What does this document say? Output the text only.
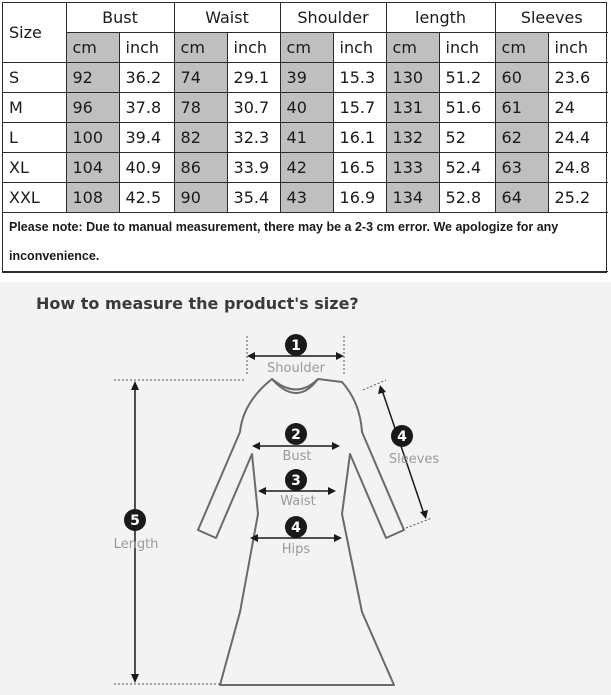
Size	Bust		Waist		Shoulder		length		Sleeves	
	cm	inch	cm	inch	cm	inch	cm	inch	cm	inch
S	92	36.2	74	29.1	39	15.3	130	51.2	60	23.6
M	96	37.8	78	30.7	40	15.7	131	51.6	61	24
L	100	39.4	82	32.3	41	16.1	132	52	62	24.4
XL	104	40.9	86	33.9	42	16.5	133	52.4	63	24.8
XXL	108	42.5	90	35.4	43	16.9	134	52.8	64	25.2
Please note: Due to manual measurement, there may be a 2-3 cm error. We apologize for any inconvenience.										
How to measure the product's size?
1
Shoulder
2
Bust
3
Waist
4
Hips
4
Sleeves
5
Length
